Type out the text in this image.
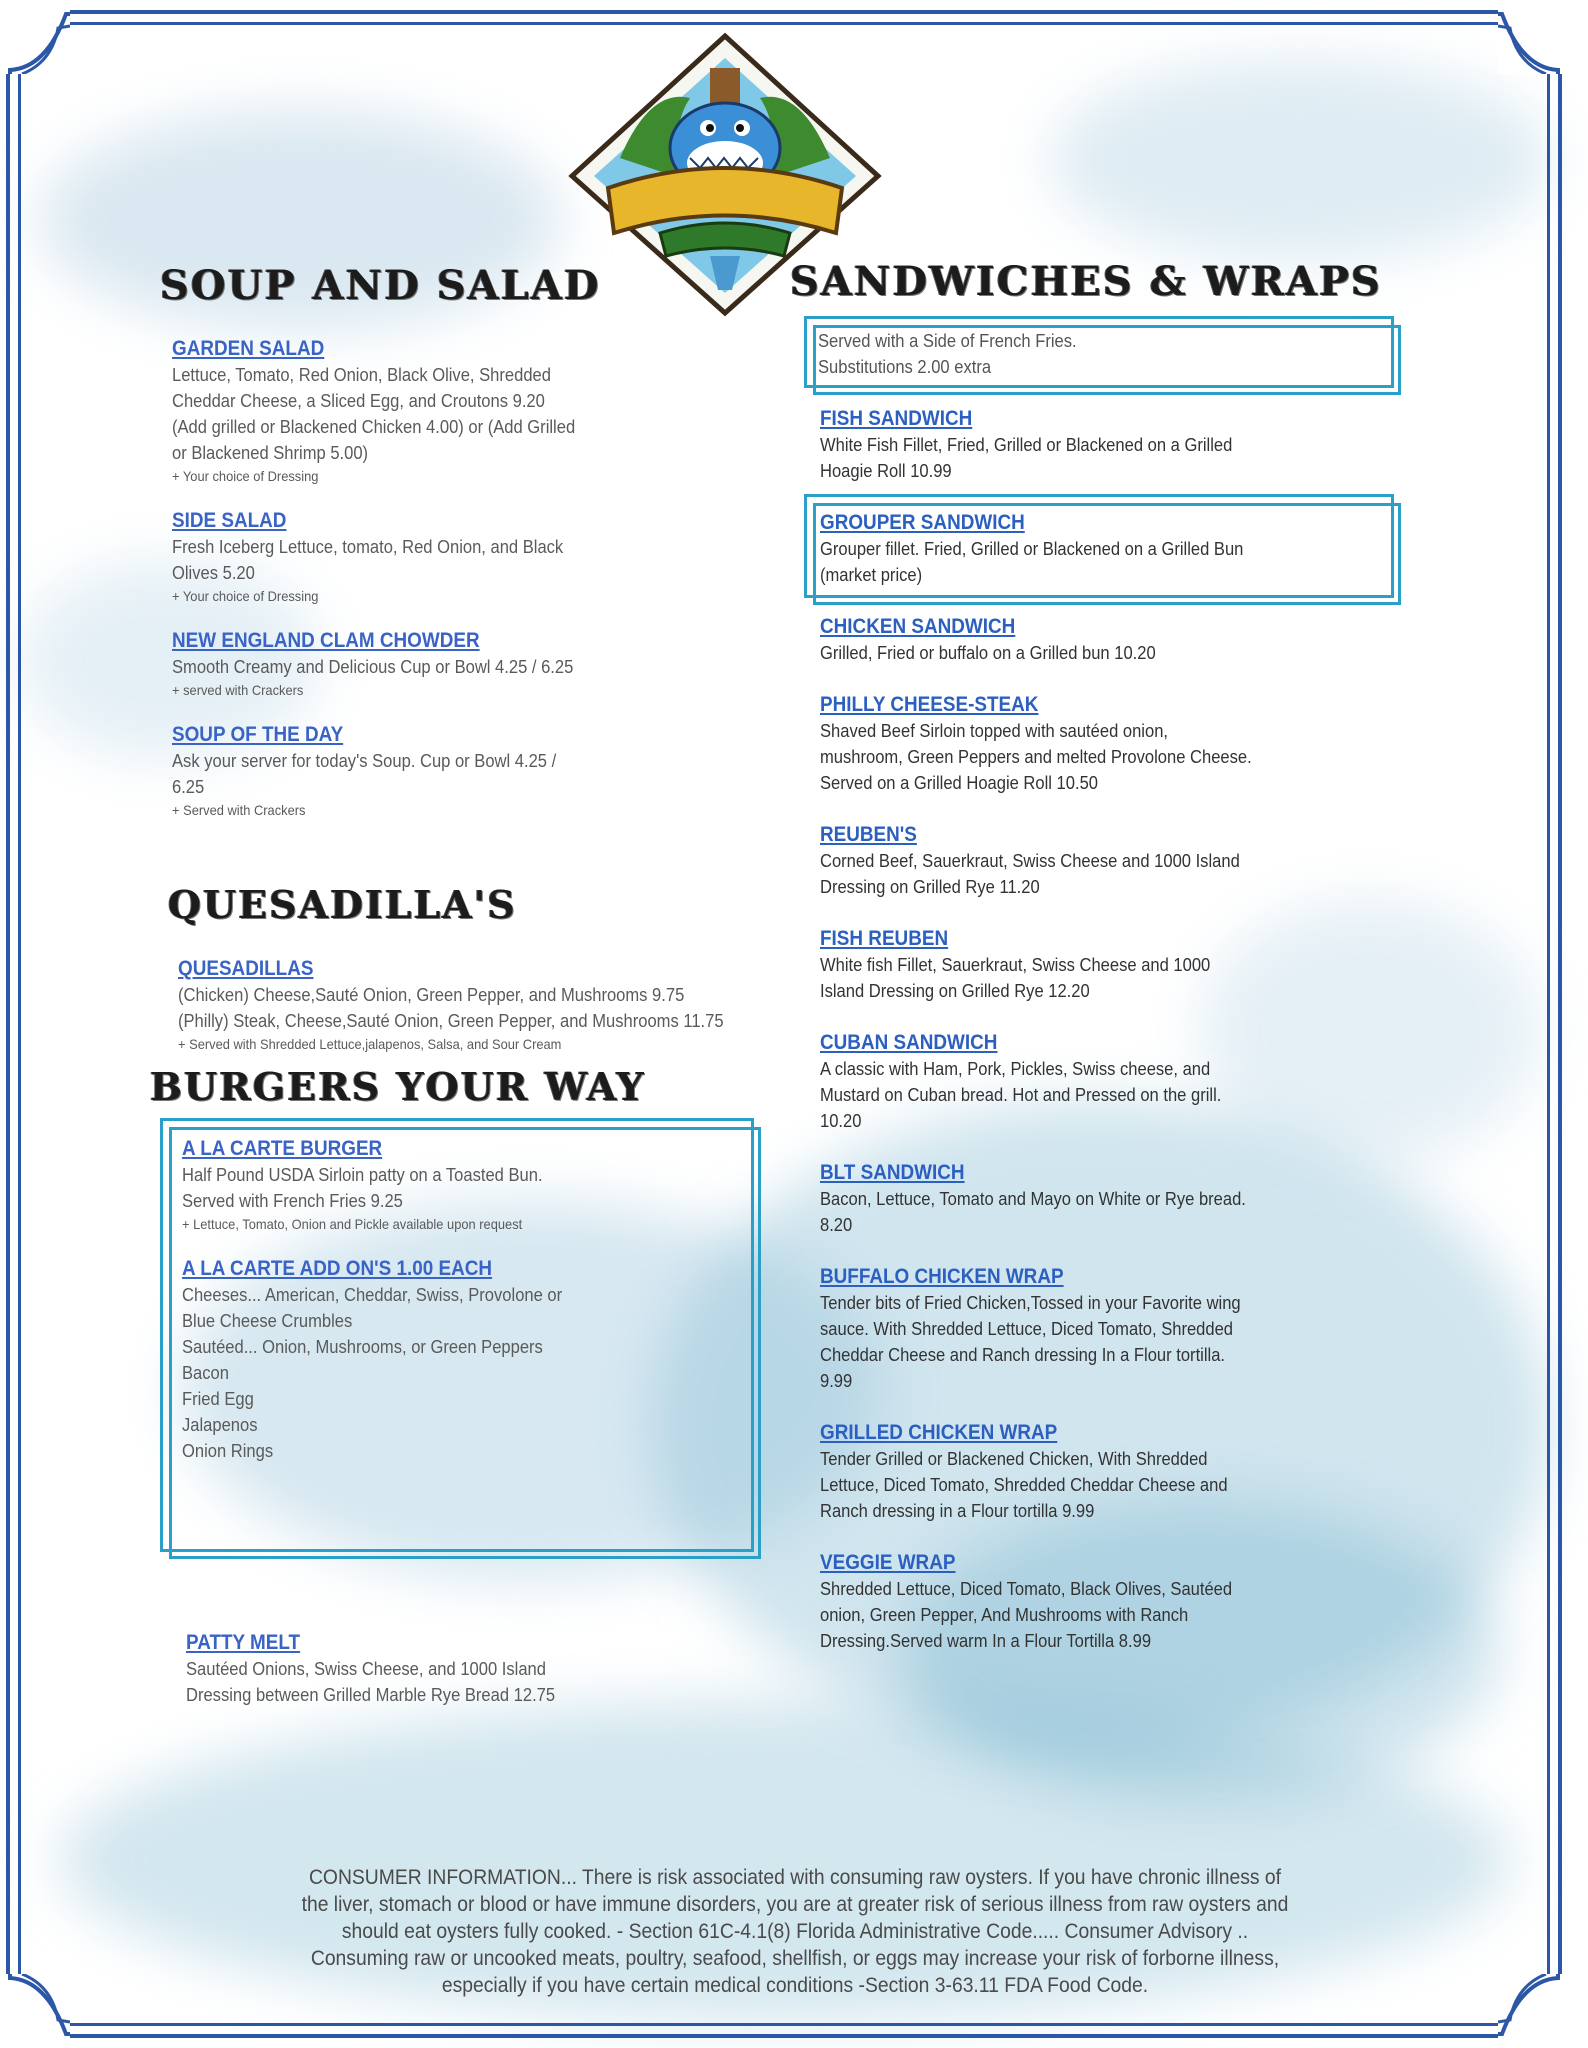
SOUP AND SALAD	SANDWICHES & WRAPS
QUESADILLA'S
BURGERS YOUR WAY
GARDEN SALAD
Lettuce, Tomato, Red Onion, Black Olive, Shredded Cheddar Cheese, a Sliced Egg, and Croutons 9.20 (Add grilled or Blackened Chicken 4.00) or (Add Grilled or Blackened Shrimp 5.00)
+ Your choice of Dressing
SIDE SALAD
Fresh Iceberg Lettuce, tomato, Red Onion, and Black Olives 5.20
+ Your choice of Dressing
NEW ENGLAND CLAM CHOWDER
Smooth Creamy and Delicious Cup or Bowl 4.25 / 6.25
+ served with Crackers
SOUP OF THE DAY
Ask your server for today's Soup. Cup or Bowl 4.25 / 6.25
+ Served with Crackers
QUESADILLAS
(Chicken) Cheese,Sauté Onion, Green Pepper, and Mushrooms 9.75
(Philly) Steak, Cheese,Sauté Onion, Green Pepper, and Mushrooms 11.75
+ Served with Shredded Lettuce,jalapenos, Salsa, and Sour Cream
A LA CARTE BURGER
Half Pound USDA Sirloin patty on a Toasted Bun. Served with French Fries 9.25
+ Lettuce, Tomato, Onion and Pickle available upon request
A LA CARTE ADD ON'S 1.00 EACH
Cheeses... American, Cheddar, Swiss, Provolone or Blue Cheese Crumbles
Sautéed... Onion, Mushrooms, or Green Peppers
Bacon
Fried Egg
Jalapenos
Onion Rings
PATTY MELT
Sautéed Onions, Swiss Cheese, and 1000 Island Dressing between Grilled Marble Rye Bread 12.75
Served with a Side of French Fries.
Substitutions 2.00 extra
FISH SANDWICH
White Fish Fillet, Fried, Grilled or Blackened on a Grilled Hoagie Roll 10.99
GROUPER SANDWICH
Grouper fillet. Fried, Grilled or Blackened on a Grilled Bun (market price)
CHICKEN SANDWICH
Grilled, Fried or buffalo on a Grilled bun 10.20
PHILLY CHEESE-STEAK
Shaved Beef Sirloin topped with sautéed onion, mushroom, Green Peppers and melted Provolone Cheese. Served on a Grilled Hoagie Roll 10.50
REUBEN'S
Corned Beef, Sauerkraut, Swiss Cheese and 1000 Island Dressing on Grilled Rye 11.20
FISH REUBEN
White fish Fillet, Sauerkraut, Swiss Cheese and 1000 Island Dressing on Grilled Rye 12.20
CUBAN SANDWICH
A classic with Ham, Pork, Pickles, Swiss cheese, and Mustard on Cuban bread. Hot and Pressed on the grill. 10.20
BLT SANDWICH
Bacon, Lettuce, Tomato and Mayo on White or Rye bread. 8.20
BUFFALO CHICKEN WRAP
Tender bits of Fried Chicken,Tossed in your Favorite wing sauce. With Shredded Lettuce, Diced Tomato, Shredded Cheddar Cheese and Ranch dressing In a Flour tortilla. 9.99
GRILLED CHICKEN WRAP
Tender Grilled or Blackened Chicken, With Shredded Lettuce, Diced Tomato, Shredded Cheddar Cheese and Ranch dressing in a Flour tortilla 9.99
VEGGIE WRAP
Shredded Lettuce, Diced Tomato, Black Olives, Sautéed onion, Green Pepper, And Mushrooms with Ranch Dressing.Served warm In a Flour Tortilla 8.99
CONSUMER INFORMATION... There is risk associated with consuming raw oysters. If you have chronic illness of the liver, stomach or blood or have immune disorders, you are at greater risk of serious illness from raw oysters and should eat oysters fully cooked. - Section 61C-4.1(8) Florida Administrative Code..... Consumer Advisory .. Consuming raw or uncooked meats, poultry, seafood, shellfish, or eggs may increase your risk of forborne illness, especially if you have certain medical conditions -Section 3-63.11 FDA Food Code.
